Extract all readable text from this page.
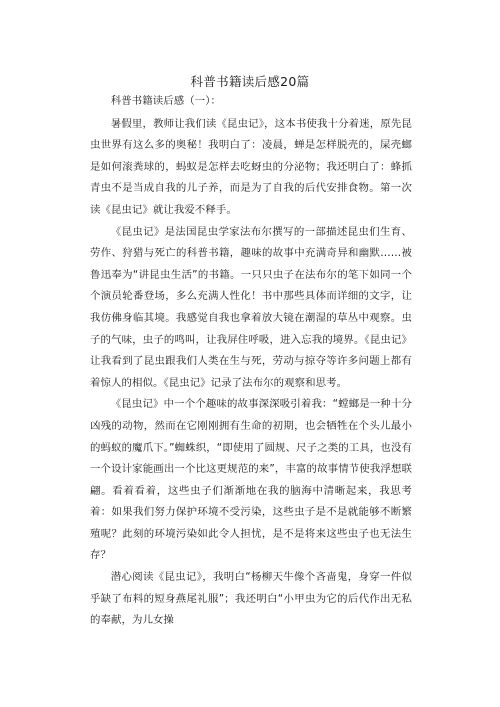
科普书籍读后感20篇

科普书籍读后感（一）：

暑假里，教师让我们读《昆虫记》，这本书使我十分着迷，原先昆虫世界有这么多的奥秘！我明白了：凌晨，蝉是怎样脱壳的，屎壳螂是如何滚粪球的，蚂蚁是怎样去吃蚜虫的分泌物；我还明白了：蜂抓青虫不是当成自我的儿子养，而是为了自我的后代安排食物。第一次读《昆虫记》就让我爱不释手。

《昆虫记》是法国昆虫学家法布尔撰写的一部描述昆虫们生育、劳作、狩猎与死亡的科普书籍，趣味的故事中充满奇异和幽默……被鲁迅奉为“讲昆虫生活”的书籍。一只只虫子在法布尔的笔下如同一个个演员轮番登场，多么充满人性化！书中那些具体而详细的文字，让我仿佛身临其境。我感觉自我也拿着放大镜在潮湿的草丛中观察。虫子的气味，虫子的鸣叫，让我屏住呼吸，进入忘我的境界。《昆虫记》让我看到了昆虫跟我们人类在生与死，劳动与掠夺等许多问题上都有着惊人的相似。《昆虫记》记录了法布尔的观察和思考。

《昆虫记》中一个个趣味的故事深深吸引着我：“螳螂是一种十分凶残的动物，然而在它刚刚拥有生命的初期，也会牺牲在个头儿最小的蚂蚁的魔爪下。”蜘蛛织，“即使用了圆规、尺子之类的工具，也没有一个设计家能画出一个比这更规范的来”，丰富的故事情节使我浮想联翩。看着看着，这些虫子们渐渐地在我的脑海中清晰起来，我思考着：如果我们努力保护环境不受污染，这些虫子是不是就能够不断繁殖呢？此刻的环境污染如此令人担忧，是不是将来这些虫子也无法生存？

潜心阅读《昆虫记》，我明白“杨柳天牛像个吝啬鬼，身穿一件似乎缺了布料的短身燕尾礼服”；我还明白“小甲虫为它的后代作出无私的奉献，为儿女操
